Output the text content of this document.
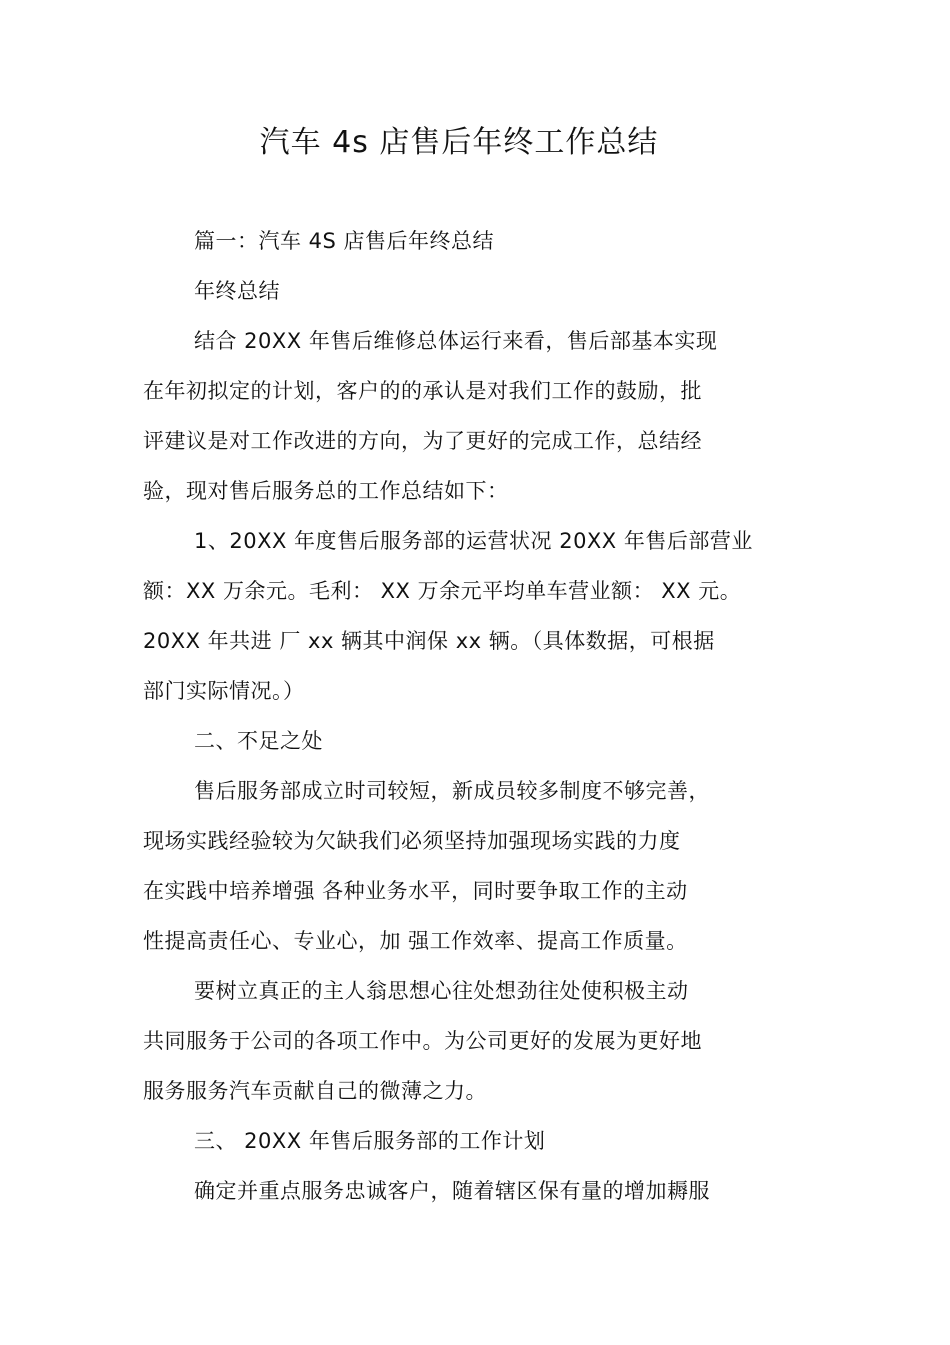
汽车 4s 店售后年终工作总结
篇一：汽车 4S 店售后年终总结
年终总结
结合 20XX 年售后维修总体运行来看，售后部基本实现
在年初拟定的计划，客户的的承认是对我们工作的鼓励，批
评建议是对工作改进的方向，为了更好的完成工作，总结经
验，现对售后服务总的工作总结如下：
1、20XX 年度售后服务部的运营状况 20XX 年售后部营业
额：XX 万余元。毛利： XX 万余元平均单车营业额： XX 元。
20XX 年共进 厂 xx 辆其中润保 xx 辆。（具体数据，可根据
部门实际情况。）
二、不足之处
售后服务部成立时司较短，新成员较多制度不够完善，
现场实践经验较为欠缺我们必须坚持加强现场实践的力度
在实践中培养增强 各种业务水平，同时要争取工作的主动
性提高责任心、专业心，加 强工作效率、提高工作质量。
要树立真正的主人翁思想心往处想劲往处使积极主动
共同服务于公司的各项工作中。为公司更好的发展为更好地
服务服务汽车贡献自己的微薄之力。
三、 20XX 年售后服务部的工作计划
确定并重点服务忠诚客户，随着辖区保有量的增加耨服
